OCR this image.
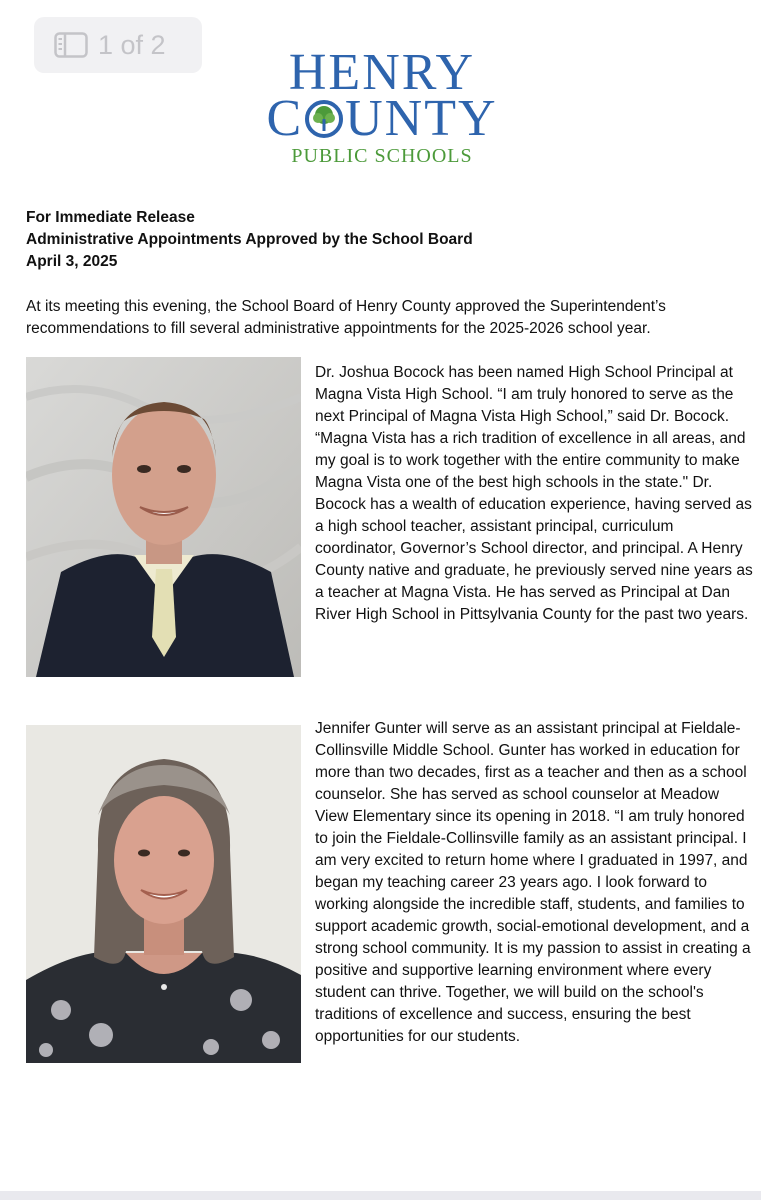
1 of 2	HENRY
C UNTY
PUBLIC SCHOOLS
For Immediate Release
Administrative Appointments Approved by the School Board
April 3, 2025
At its meeting this evening, the School Board of Henry County approved the Superintendent’s recommendations to fill several administrative appointments for the 2025-2026 school year.
Dr. Joshua Bocock has been named High School Principal at Magna Vista High School. “I am truly honored to serve as the next Principal of Magna Vista High School,” said Dr. Bocock. “Magna Vista has a rich tradition of excellence in all areas, and my goal is to work together with the entire community to make Magna Vista one of the best high schools in the state." Dr. Bocock has a wealth of education experience, having served as a high school teacher, assistant principal, curriculum coordinator, Governor’s School director, and principal. A Henry County native and graduate, he previously served nine years as a teacher at Magna Vista. He has served as Principal at Dan River High School in Pittsylvania County for the past two years.
Jennifer Gunter will serve as an assistant principal at Fieldale-Collinsville Middle School. Gunter has worked in education for more than two decades, first as a teacher and then as a school counselor. She has served as school counselor at Meadow View Elementary since its opening in 2018. “I am truly honored to join the Fieldale-Collinsville family as an assistant principal. I am very excited to return home where I graduated in 1997, and began my teaching career 23 years ago. I look forward to working alongside the incredible staff, students, and families to support academic growth, social-emotional development, and a strong school community. It is my passion to assist in creating a positive and supportive learning environment where every student can thrive. Together, we will build on the school's traditions of excellence and success, ensuring the best opportunities for our students.
